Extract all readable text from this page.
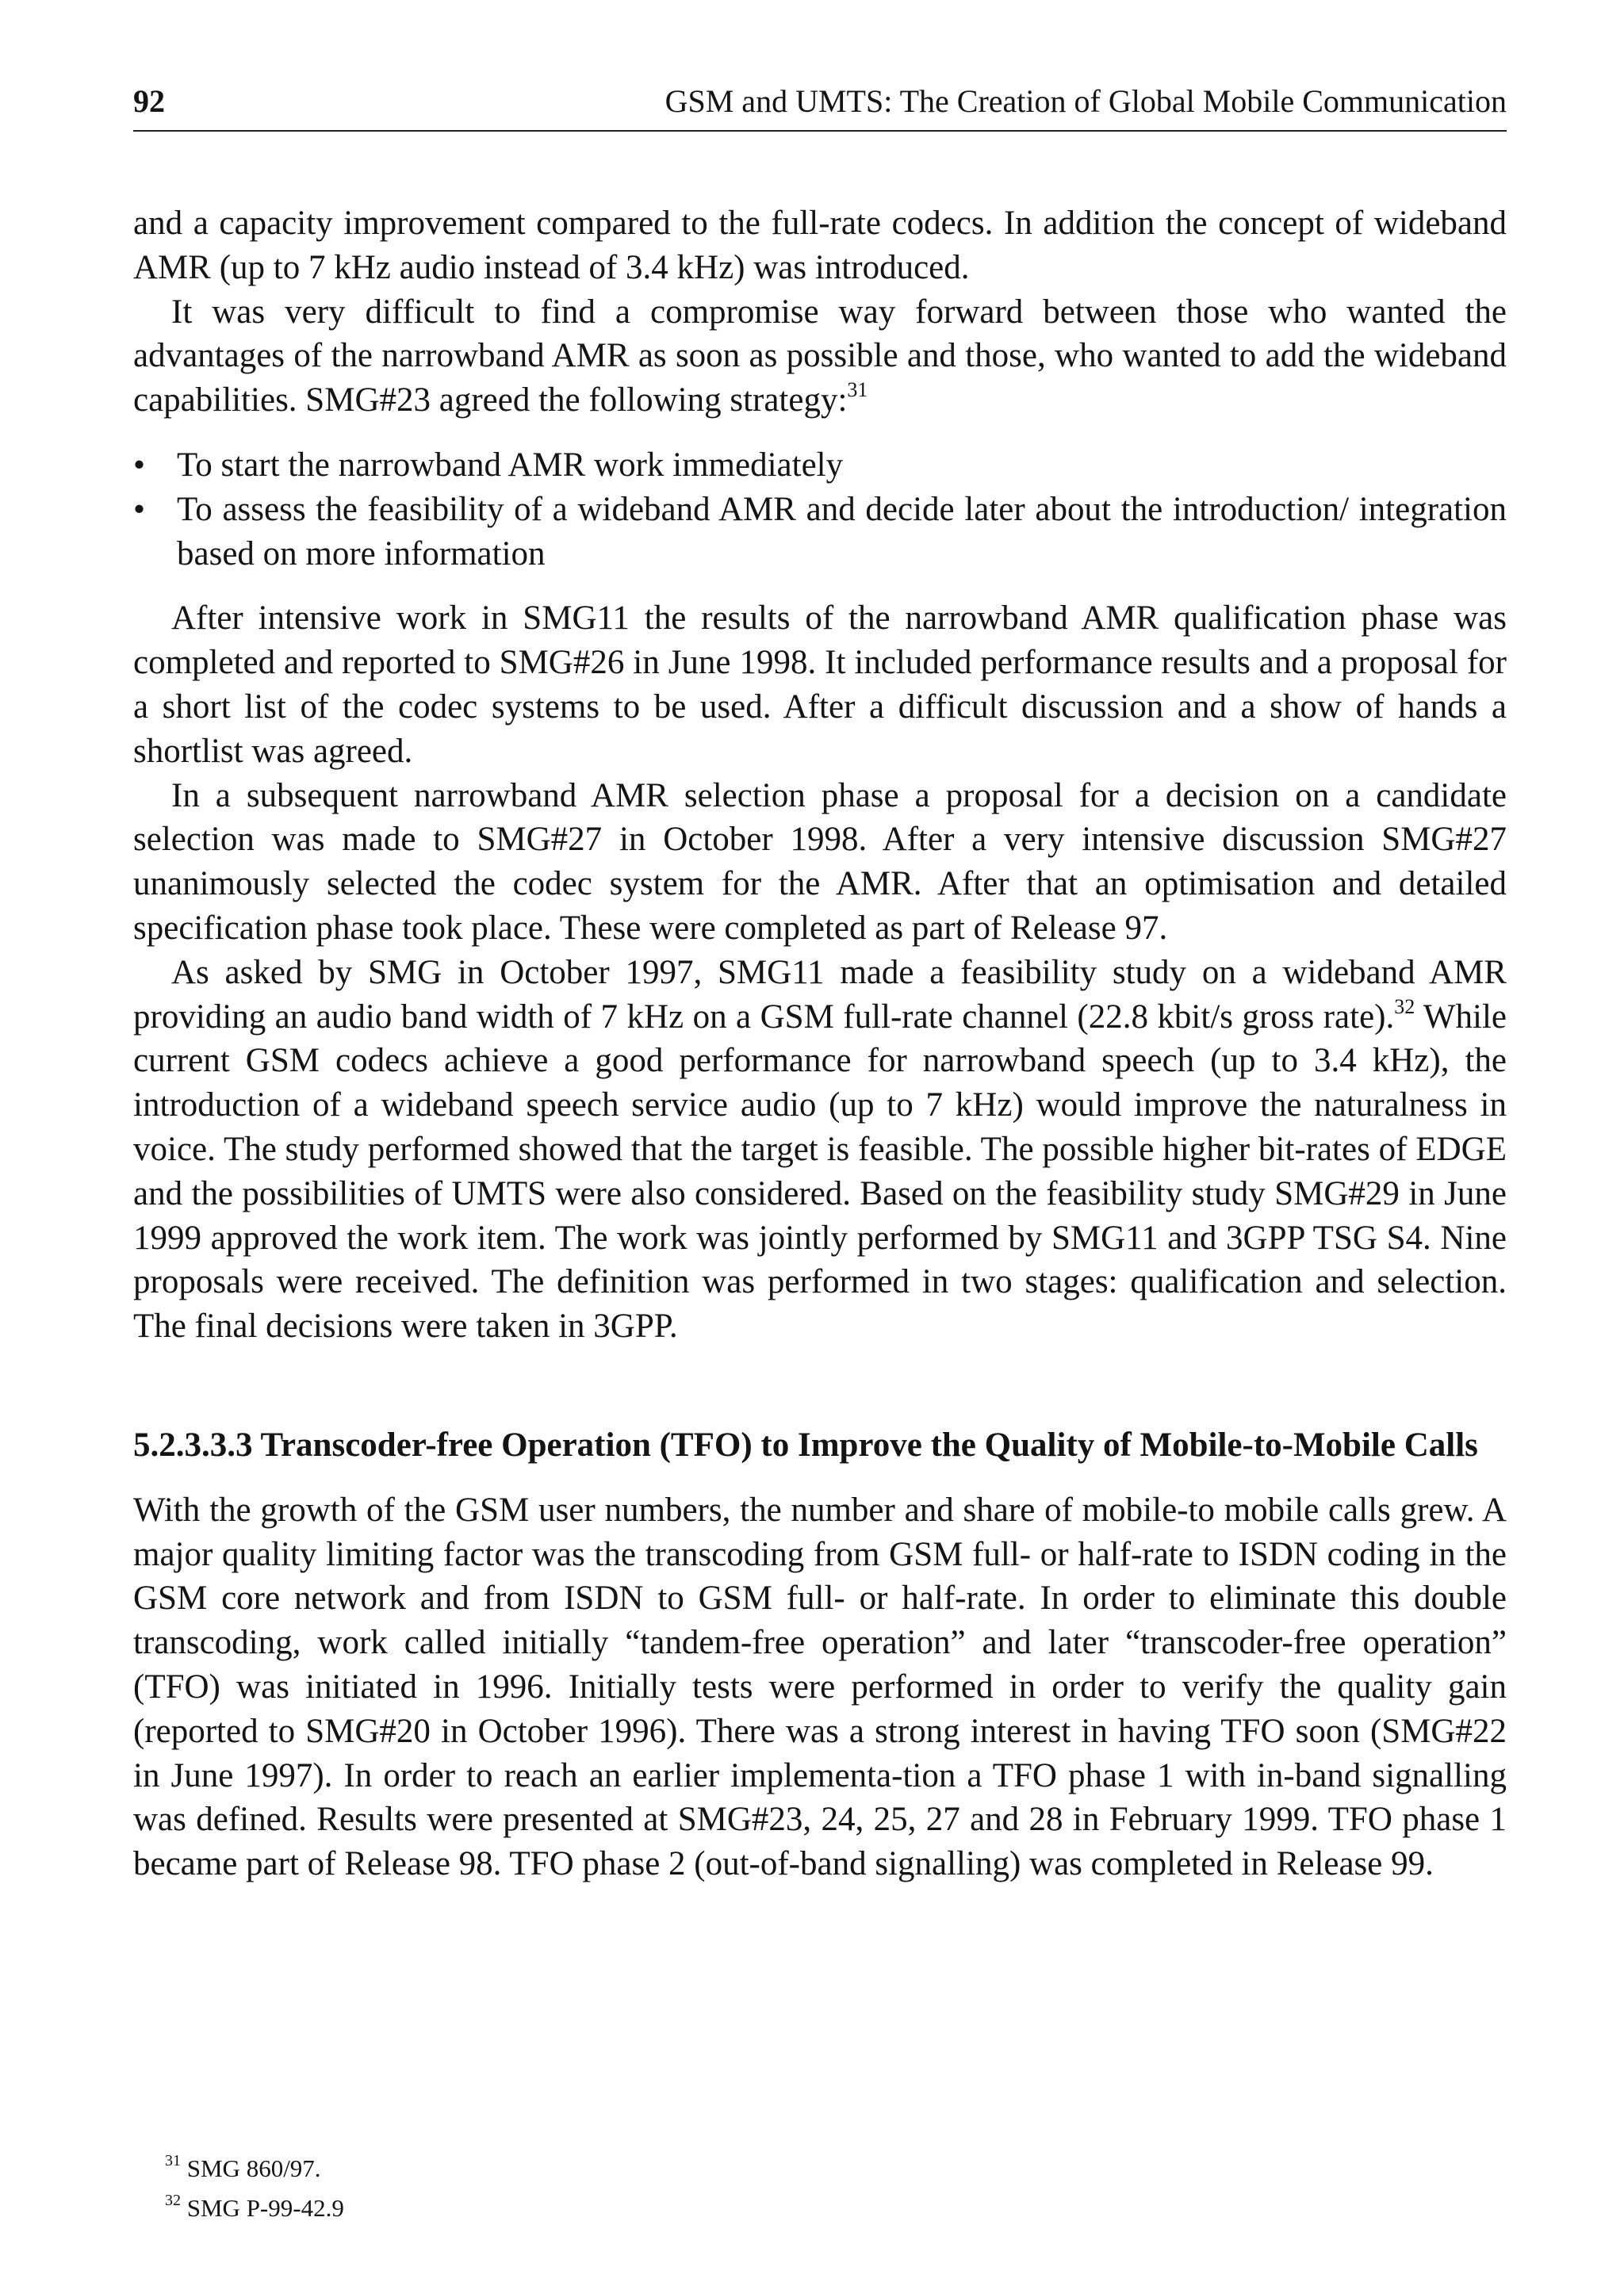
92	GSM and UMTS: The Creation of Global Mobile Communication

and a capacity improvement compared to the full-rate codecs. In addition the concept of wideband AMR (up to 7 kHz audio instead of 3.4 kHz) was introduced.

It was very difficult to find a compromise way forward between those who wanted the advantages of the narrowband AMR as soon as possible and those, who wanted to add the wideband capabilities. SMG#23 agreed the following strategy:$^{31}$

• To start the narrowband AMR work immediately
• To assess the feasibility of a wideband AMR and decide later about the introduction/ integration based on more information

After intensive work in SMG11 the results of the narrowband AMR qualification phase was completed and reported to SMG#26 in June 1998. It included performance results and a proposal for a short list of the codec systems to be used. After a difficult discussion and a show of hands a shortlist was agreed.

In a subsequent narrowband AMR selection phase a proposal for a decision on a candidate selection was made to SMG#27 in October 1998. After a very intensive discussion SMG#27 unanimously selected the codec system for the AMR. After that an optimisation and detailed specification phase took place. These were completed as part of Release 97.

As asked by SMG in October 1997, SMG11 made a feasibility study on a wideband AMR providing an audio band width of 7 kHz on a GSM full-rate channel (22.8 kbit/s gross rate).$^{32}$ While current GSM codecs achieve a good performance for narrowband speech (up to 3.4 kHz), the introduction of a wideband speech service audio (up to 7 kHz) would improve the naturalness in voice. The study performed showed that the target is feasible. The possible higher bit-rates of EDGE and the possibilities of UMTS were also considered. Based on the feasibility study SMG#29 in June 1999 approved the work item. The work was jointly performed by SMG11 and 3GPP TSG S4. Nine proposals were received. The definition was performed in two stages: qualification and selection. The final decisions were taken in 3GPP.

5.2.3.3.3 Transcoder-free Operation (TFO) to Improve the Quality of Mobile-to-Mobile Calls

With the growth of the GSM user numbers, the number and share of mobile-to mobile calls grew. A major quality limiting factor was the transcoding from GSM full- or half-rate to ISDN coding in the GSM core network and from ISDN to GSM full- or half-rate. In order to eliminate this double transcoding, work called initially “tandem-free operation” and later “transcoder-free operation” (TFO) was initiated in 1996. Initially tests were performed in order to verify the quality gain (reported to SMG#20 in October 1996). There was a strong interest in having TFO soon (SMG#22 in June 1997). In order to reach an earlier implementa-tion a TFO phase 1 with in-band signalling was defined. Results were presented at SMG#23, 24, 25, 27 and 28 in February 1999. TFO phase 1 became part of Release 98. TFO phase 2 (out-of-band signalling) was completed in Release 99.

$^{31}$ SMG 860/97.
$^{32}$ SMG P-99-42.9
